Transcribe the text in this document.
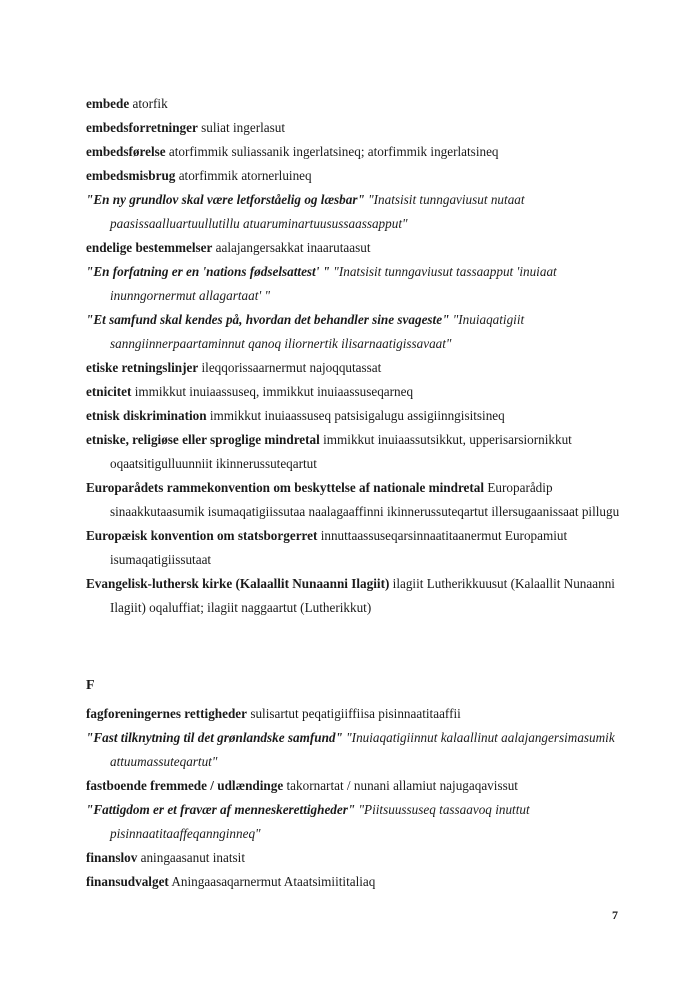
embede atorfik

embedsforretninger suliat ingerlasut

embedsførelse atorfimmik suliassanik ingerlatsineq; atorfimmik ingerlatsineq

embedsmisbrug atorfimmik atornerluineq

"En ny grundlov skal være letforståelig og læsbar" "Inatsisit tunngaviusut nutaat paasissaalluartuullutillu atuaruminartuusussaassapput"

endelige bestemmelser aalajangersakkat inaarutaasut

"En forfatning er en 'nations fødselsattest' " "Inatsisit tunngaviusut tassaapput 'inuiaat inunngornermut allagartaat' "

"Et samfund skal kendes på, hvordan det behandler sine svageste" "Inuiaqatigiit sanngiinnerpaartaminnut qanoq iliornertik ilisarnaatigissavaat"

etiske retningslinjer ileqqorissaarnermut najoqqutassat

etnicitet immikkut inuiaassuseq, immikkut inuiaassuseqarneq

etnisk diskrimination immikkut inuiaassuseq patsisigalugu assigiinngisitsineq

etniske, religiøse eller sproglige mindretal immikkut inuiaassutsikkut, upperisarsiornikkut oqaatsitigulluunniit ikinnerussuteqartut

Europarådets rammekonvention om beskyttelse af nationale mindretal Europarådip sinaakkutaasumik isumaqatigiissutaa naalagaaffinni ikinnerussuteqartut illersugaanissaat pillugu

Europæisk konvention om statsborgerret innuttaassuseqarsinnaatitaanermut Europamiut isumaqatigiissutaat

Evangelisk-luthersk kirke (Kalaallit Nunaanni Ilagiit) ilagiit Lutherikkuusut (Kalaallit Nunaanni Ilagiit) oqaluffiat; ilagiit naggaartut (Lutherikkut)

F

fagforeningernes rettigheder sulisartut peqatigiiffiisa pisinnaatitaaffii

"Fast tilknytning til det grønlandske samfund" "Inuiaqatigiinnut kalaallinut aalajangersimasumik attuumassuteqartut"

fastboende fremmede / udlændinge takornartat / nunani allamiut najugaqavissut

"Fattigdom er et fravær af menneskerettigheder" "Piitsuussuseq tassaavoq inuttut pisinnaatitaaffeqannginneq"

finanslov aningaasanut inatsit

finansudvalget Aningaasaqarnermut Ataatsimiititaliaq

7
